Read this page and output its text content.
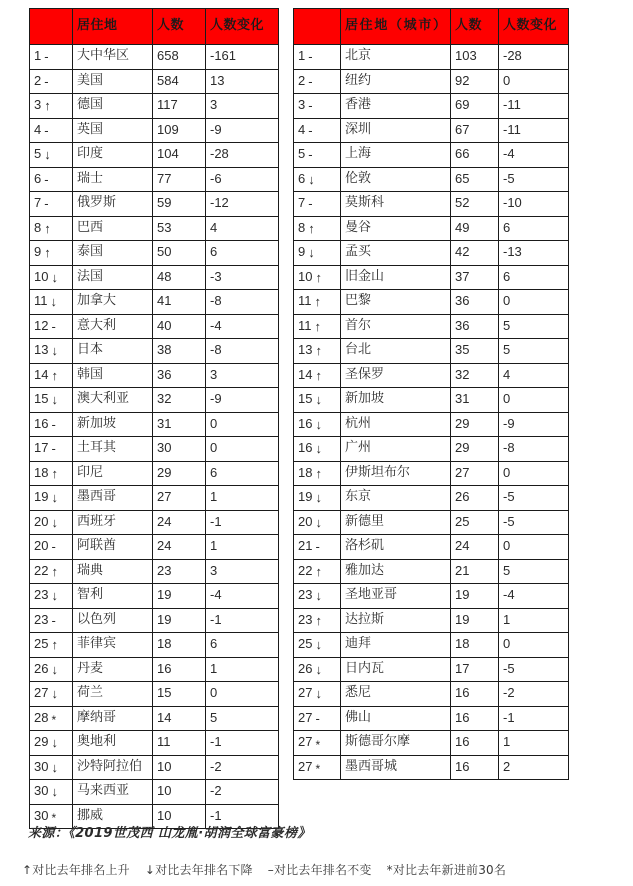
	居住地	人数	人数变化

1 -	大中华区	658	-161

2 -	美国	584	13

3 ↑	德国	117	3

4 -	英国	109	-9

5 ↓	印度	104	-28

6 -	瑞士	77	-6

7 -	俄罗斯	59	-12

8 ↑	巴西	53	4

9 ↑	泰国	50	6

10 ↓	法国	48	-3

11 ↓	加拿大	41	-8

12 -	意大利	40	-4

13 ↓	日本	38	-8

14 ↑	韩国	36	3

15 ↓	澳大利亚	32	-9

16 -	新加坡	31	0

17 -	土耳其	30	0

18 ↑	印尼	29	6

19 ↓	墨西哥	27	1

20 ↓	西班牙	24	-1

20 -	阿联酋	24	1

22 ↑	瑞典	23	3

23 ↓	智利	19	-4

23 -	以色列	19	-1

25 ↑	菲律宾	18	6

26 ↓	丹麦	16	1

27 ↓	荷兰	15	0

28 *	摩纳哥	14	5

29 ↓	奥地利	11	-1

30 ↓	沙特阿拉伯	10	-2

30 ↓	马来西亚	10	-2

30 *	挪威	10	-1
	居住地（城市）	人数	人数变化

1 -	北京	103	-28

2 -	纽约	92	0

3 -	香港	69	-11

4 -	深圳	67	-11

5 -	上海	66	-4

6 ↓	伦敦	65	-5

7 -	莫斯科	52	-10

8 ↑	曼谷	49	6

9 ↓	孟买	42	-13

10 ↑	旧金山	37	6

11 ↑	巴黎	36	0

11 ↑	首尔	36	5

13 ↑	台北	35	5

14 ↑	圣保罗	32	4

15 ↓	新加坡	31	0

16 ↓	杭州	29	-9

16 ↓	广州	29	-8

18 ↑	伊斯坦布尔	27	0

19 ↓	东京	26	-5

20 ↓	新德里	25	-5

21 -	洛杉矶	24	0

22 ↑	雅加达	21	5

23 ↓	圣地亚哥	19	-4

23 ↑	达拉斯	19	1

25 ↓	迪拜	18	0

26 ↓	日内瓦	17	-5

27 ↓	悉尼	16	-2

27 -	佛山	16	-1

27 *	斯德哥尔摩	16	1

27 *	墨西哥城	16	2
来源：《2019世茂西 山龙胤·胡润全球富豪榜》
↑对比去年排名上升 ↓对比去年排名下降 –对比去年排名不变 *对比去年新进前30名
